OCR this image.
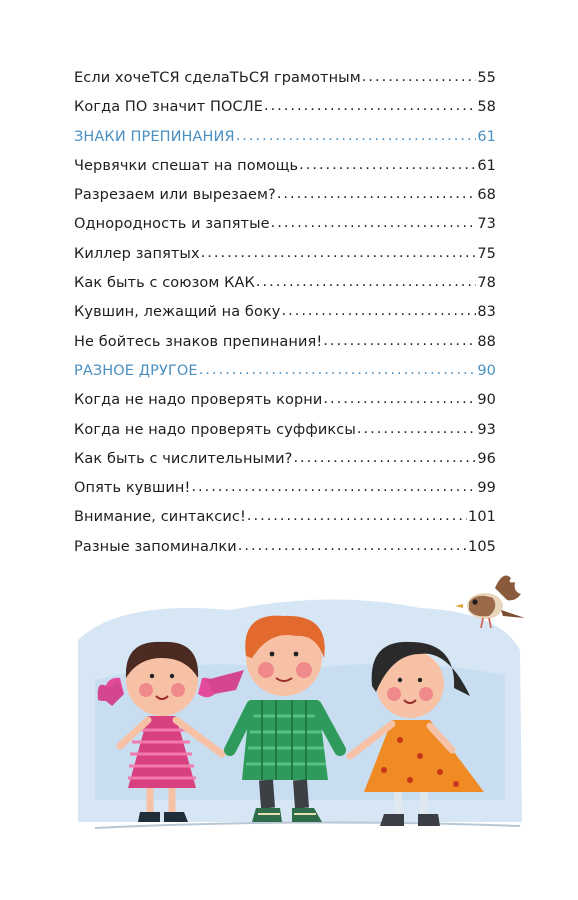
Если хочеТСЯ сделаТЬСЯ грамотным .....	55
Когда ПО значит ПОСЛЕ .....	58
ЗНАКИ ПРЕПИНАНИЯ .....	61
Червячки спешат на помощь .....	61
Разрезаем или вырезаем? .....	68
Однородность и запятые .....	73
Киллер запятых .....	75
Как быть с союзом КАК .....	78
Кувшин, лежащий на боку .....	83
Не бойтесь знаков препинания! .....	88
РАЗНОЕ ДРУГОЕ .....	90
Когда не надо проверять корни .....	90
Когда не надо проверять суффиксы .....	93
Как быть с числительными? .....	96
Опять кувшин! .....	99
Внимание, синтаксис! .....	101
Разные запоминалки .....	105
